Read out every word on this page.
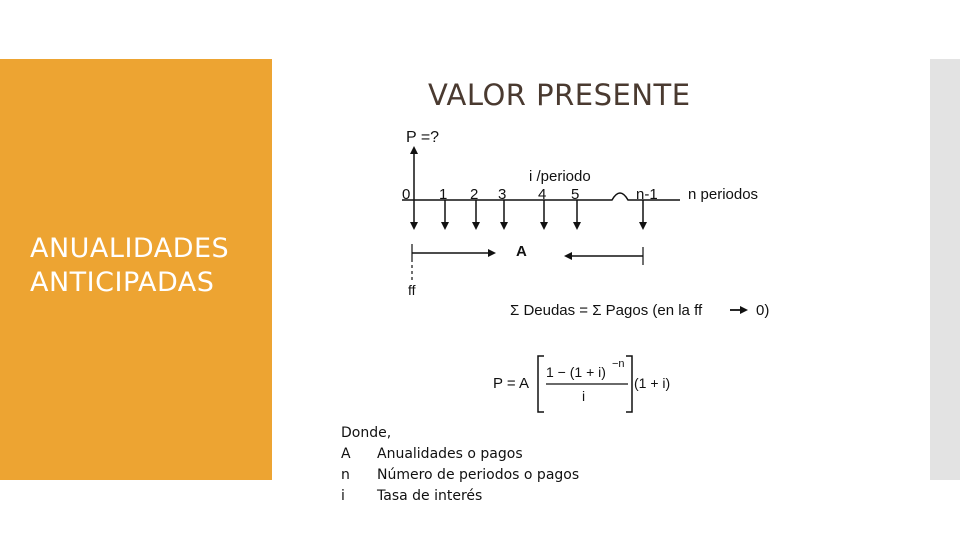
ANUALIDADES
ANTICIPADAS
VALOR PRESENTE
P =?
i /periodo
0 1 2 3 4 5	n-1 n periodos
A
ff
Σ Deudas = Σ Pagos (en la ff	0)
P = A
1 − (1 + i) −n
i
(1 + i)
Donde,
A	Anualidades o pagos
n	Número de periodos o pagos
i	Tasa de interés
